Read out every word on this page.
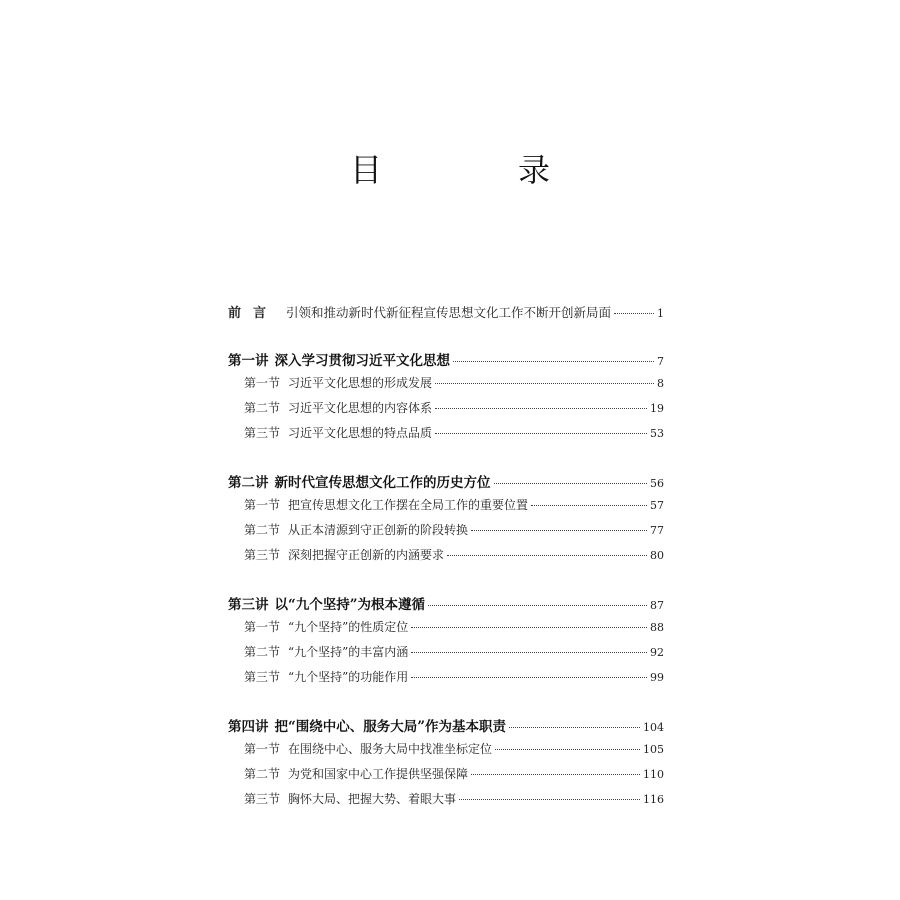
目　录
前言 引领和推动新时代新征程宣传思想文化工作不断开创新局面	1
第一讲 深入学习贯彻习近平文化思想	7
第一节 习近平文化思想的形成发展	8
第二节 习近平文化思想的内容体系	19
第三节 习近平文化思想的特点品质	53
第二讲 新时代宣传思想文化工作的历史方位	56
第一节 把宣传思想文化工作摆在全局工作的重要位置	57
第二节 从正本清源到守正创新的阶段转换	77
第三节 深刻把握守正创新的内涵要求	80
第三讲 以“九个坚持”为根本遵循	87
第一节 “九个坚持”的性质定位	88
第二节 “九个坚持”的丰富内涵	92
第三节 “九个坚持”的功能作用	99
第四讲 把“围绕中心、服务大局”作为基本职责	104
第一节 在围绕中心、服务大局中找准坐标定位	105
第二节 为党和国家中心工作提供坚强保障	110
第三节 胸怀大局、把握大势、着眼大事	116
